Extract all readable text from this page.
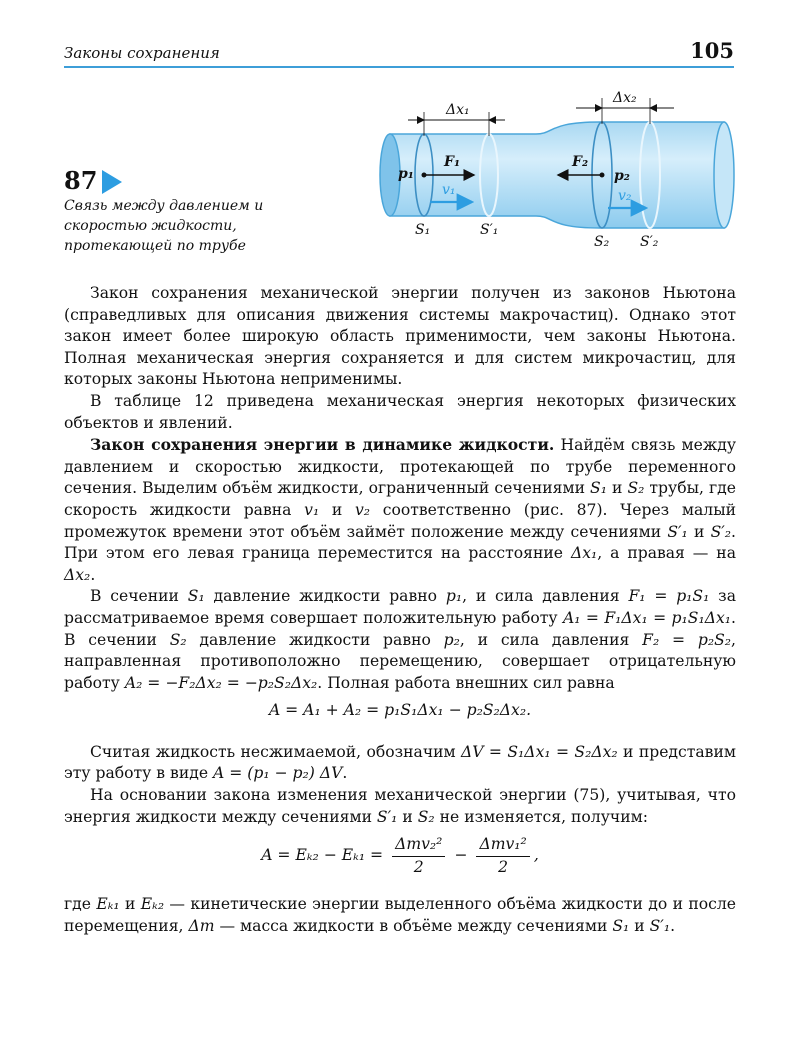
Законы сохранения	105
87
Связь между давлением и скоростью жидкости, протекающей по трубе
Δx₁
Δx₂
F₁	F₂
p₁	p₂
v₁	v₂
S₁	S′₁
S₂ S′₂

Закон сохранения механической энергии получен из законов Ньютона (справедливых для описания движения системы макрочастиц). Однако этот закон имеет более широкую область применимости, чем законы Ньютона. Полная механическая энергия сохраняется и для систем микрочастиц, для которых законы Ньютона неприменимы.

В таблице 12 приведена механическая энергия некоторых физических объектов и явлений.

Закон сохранения энергии в динамике жидкости. Найдём связь между давлением и скоростью жидкости, протекающей по трубе переменного сечения. Выделим объём жидкости, ограниченный сечениями S₁ и S₂ трубы, где скорость жидкости равна v₁ и v₂ соответственно (рис. 87). Через малый промежуток времени этот объём займёт положение между сечениями S′₁ и S′₂. При этом его левая граница переместится на расстояние Δx₁, а правая — на Δx₂.

В сечении S₁ давление жидкости равно p₁, и сила давления F₁ = p₁S₁ за рассматриваемое время совершает положительную работу A₁ = F₁Δx₁ = p₁S₁Δx₁. В сечении S₂ давление жидкости равно p₂, и сила давления F₂ = p₂S₂, направленная противоположно перемещению, совершает отрицательную работу A₂ = −F₂Δx₂ = −p₂S₂Δx₂. Полная работа внешних сил равна

A = A₁ + A₂ = p₁S₁Δx₁ − p₂S₂Δx₂.

Считая жидкость несжимаемой, обозначим ΔV = S₁Δx₁ = S₂Δx₂ и представим эту работу в виде A = (p₁ − p₂) ΔV.

На основании закона изменения механической энергии (75), учитывая, что энергия жидкости между сечениями S′₁ и S₂ не изменяется, получим:

$A = E_{k2} - E_{k1} = \frac{\text{Δmv₂²}}{2} - \frac{\text{Δmv₁²}}{2}$ ,

где Eₖ₁ и Eₖ₂ — кинетические энергии выделенного объёма жидкости до и после перемещения, Δm — масса жидкости в объёме между сечениями S₁ и S′₁.
